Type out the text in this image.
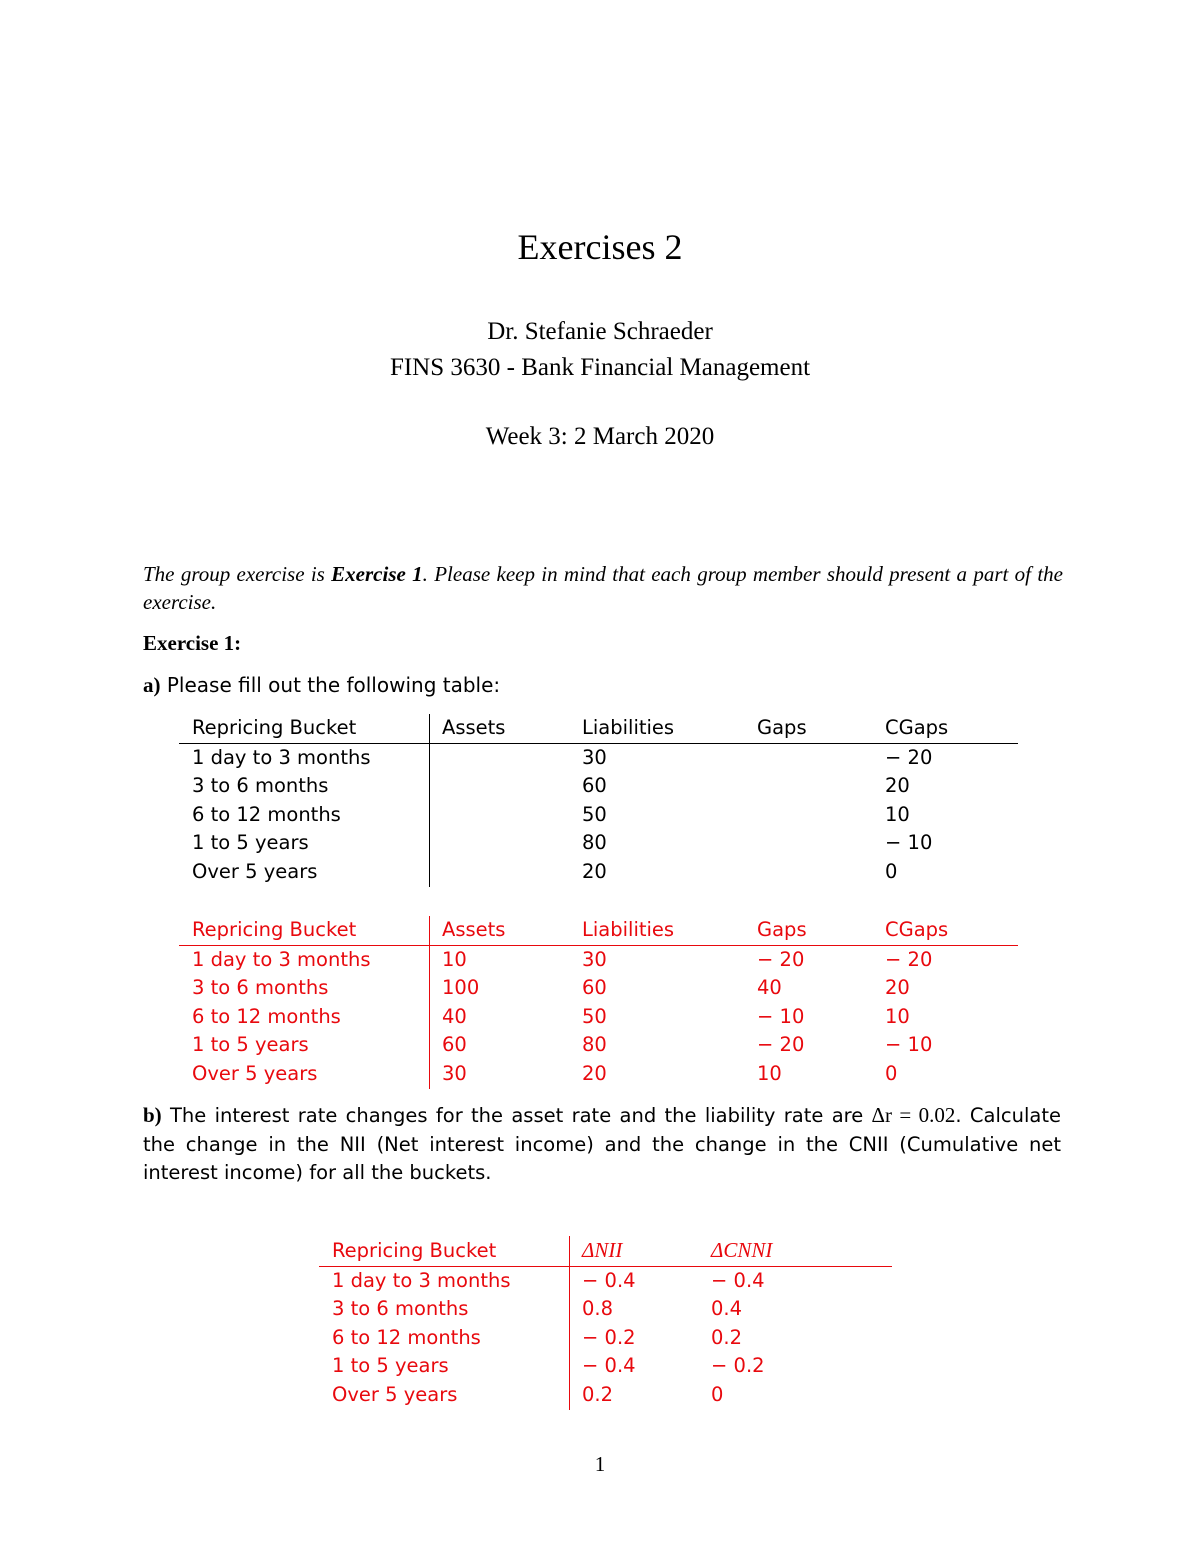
Exercises 2
Dr. Stefanie Schraeder
FINS 3630 - Bank Financial Management
Week 3: 2 March 2020
The group exercise is Exercise 1. Please keep in mind that each group member should present a part of the exercise.
Exercise 1:
a) Please fill out the following table:
Repricing Bucket	Assets	Liabilities	Gaps	CGaps
1 day to 3 months		30		− 20
3 to 6 months		60		20
6 to 12 months		50		10
1 to 5 years		80		− 10
Over 5 years		20		0
Repricing Bucket	Assets	Liabilities	Gaps	CGaps
1 day to 3 months	10	30	− 20	− 20
3 to 6 months	100	60	40	20
6 to 12 months	40	50	− 10	10
1 to 5 years	60	80	− 20	− 10
Over 5 years	30	20	10	0
b) The interest rate changes for the asset rate and the liability rate are Δr = 0.02. Calculate the change in the NII (Net interest income) and the change in the CNII (Cumulative net interest income) for all the buckets.
Repricing Bucket	ΔNII	ΔCNNI
1 day to 3 months	− 0.4	− 0.4
3 to 6 months	0.8	0.4
6 to 12 months	− 0.2	0.2
1 to 5 years	− 0.4	− 0.2
Over 5 years	0.2	0
1
